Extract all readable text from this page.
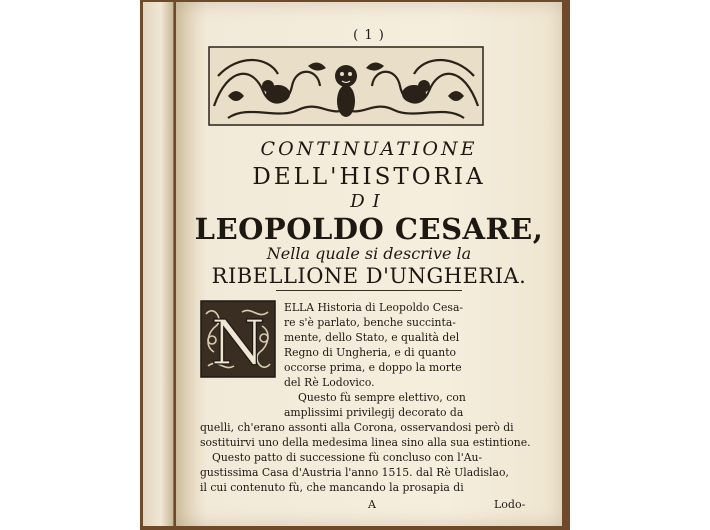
( 1 )
CONTINUATIONE
DELL'HISTORIA
DI
LEOPOLDO CESARE,
Nella quale si descrive la
RIBELLIONE D'UNGHERIA.
N ELLA Historia di Leopoldo Cesa-
re s'è parlato, benche succinta-
mente, dello Stato, e qualità del
Regno di Ungheria, e di quanto
occorse prima, e doppo la morte
del Rè Lodovico.
Questo fù sempre elettivo, con
amplissimi privilegij decorato da
quelli, ch'erano assonti alla Corona, osservandosi però di
sostituirvi uno della medesima linea sino alla sua estintione.
Questo patto di successione fù concluso con l'Au-
gustissima Casa d'Austria l'anno 1515. dal Rè Uladislao,
il cui contenuto fù, che mancando la prosapia di
A	Lodo-
